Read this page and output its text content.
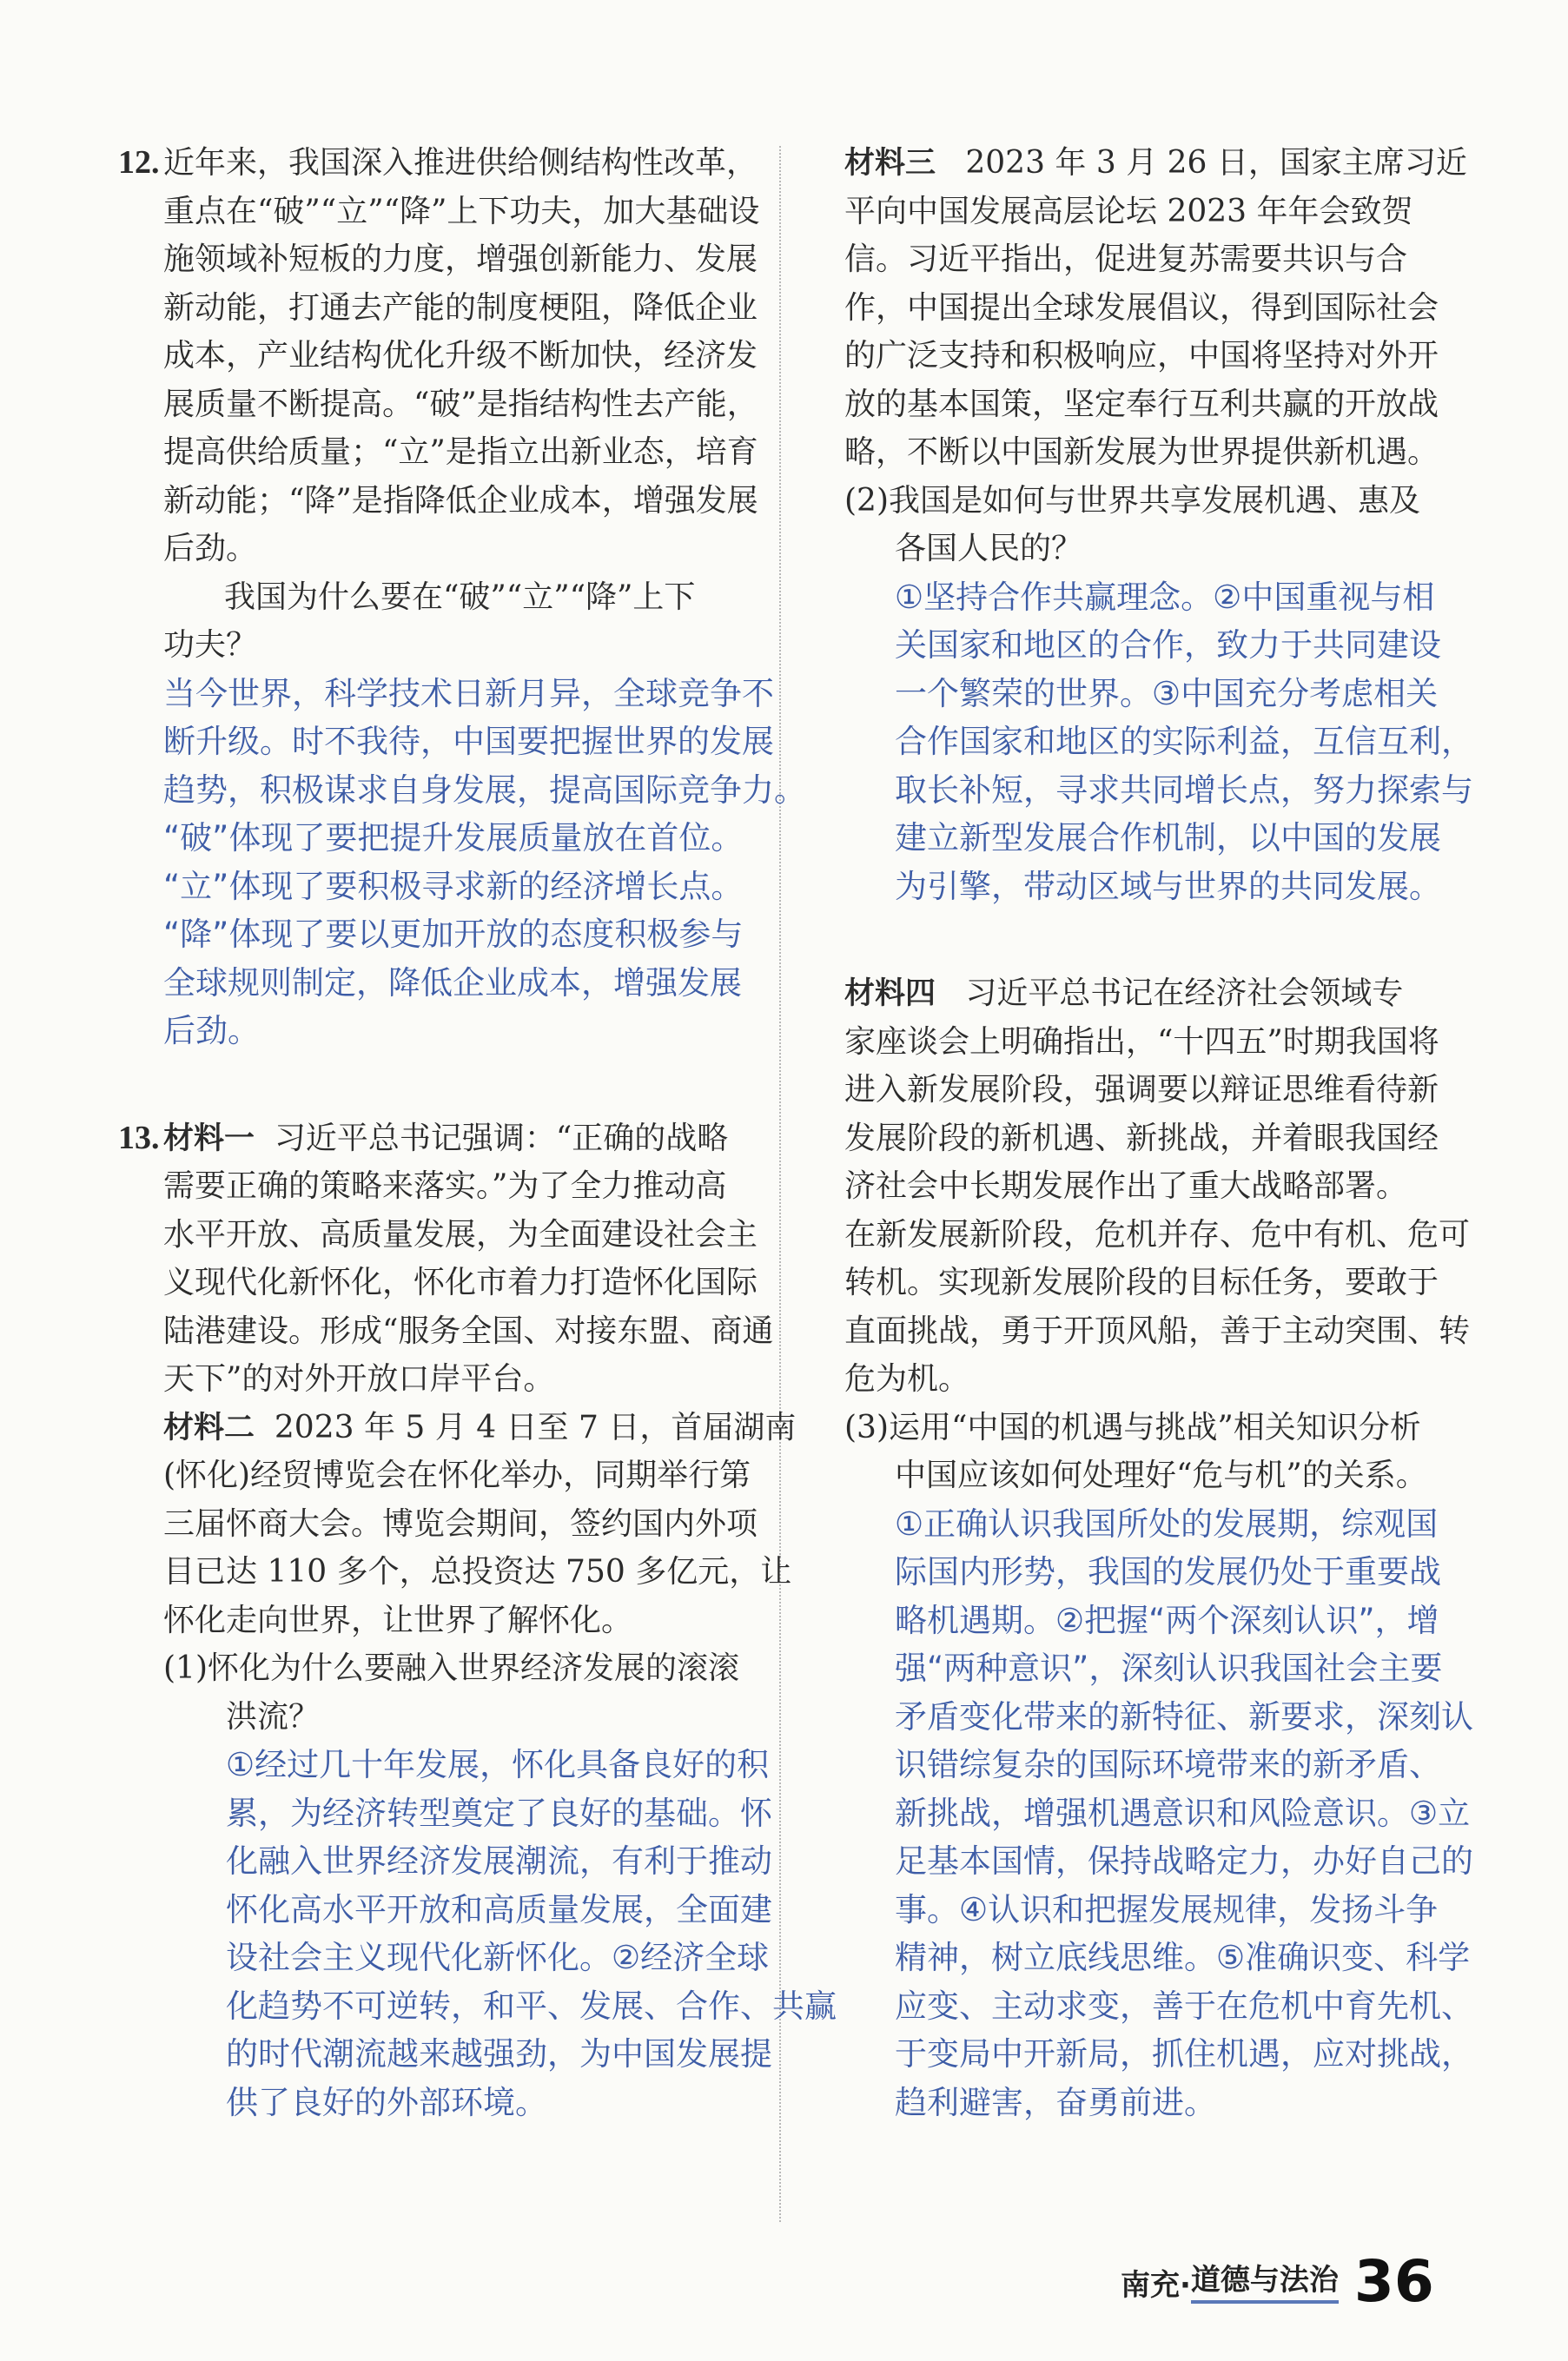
12. 近年来，我国深入推进供给侧结构性改革，
重点在“破”“立”“降”上下功夫，加大基础设
施领域补短板的力度，增强创新能力、发展
新动能，打通去产能的制度梗阻，降低企业
成本，产业结构优化升级不断加快，经济发
展质量不断提高。“破”是指结构性去产能，
提高供给质量；“立”是指立出新业态，培育
新动能；“降”是指降低企业成本，增强发展
后劲。
我国为什么要在“破”“立”“降”上下
功夫？
当今世界，科学技术日新月异，全球竞争不
断升级。时不我待，中国要把握世界的发展
趋势，积极谋求自身发展，提高国际竞争力。
“破”体现了要把提升发展质量放在首位。
“立”体现了要积极寻求新的经济增长点。
“降”体现了要以更加开放的态度积极参与
全球规则制定，降低企业成本，增强发展
后劲。
13. 材料一 习近平总书记强调：“正确的战略
需要正确的策略来落实。”为了全力推动高
水平开放、高质量发展，为全面建设社会主
义现代化新怀化，怀化市着力打造怀化国际
陆港建设。形成“服务全国、对接东盟、商通
天下”的对外开放口岸平台。
材料二 2023 年 5 月 4 日至 7 日，首届湖南
(怀化)经贸博览会在怀化举办，同期举行第
三届怀商大会。博览会期间，签约国内外项
目已达 110 多个，总投资达 750 多亿元，让
怀化走向世界，让世界了解怀化。
(1)怀化为什么要融入世界经济发展的滚滚
洪流？
①经过几十年发展，怀化具备良好的积
累，为经济转型奠定了良好的基础。怀
化融入世界经济发展潮流，有利于推动
怀化高水平开放和高质量发展，全面建
设社会主义现代化新怀化。②经济全球
化趋势不可逆转，和平、发展、合作、共赢
的时代潮流越来越强劲，为中国发展提
供了良好的外部环境。
材料三 2023 年 3 月 26 日，国家主席习近
平向中国发展高层论坛 2023 年年会致贺
信。习近平指出，促进复苏需要共识与合
作，中国提出全球发展倡议，得到国际社会
的广泛支持和积极响应，中国将坚持对外开
放的基本国策，坚定奉行互利共赢的开放战
略，不断以中国新发展为世界提供新机遇。
(2)我国是如何与世界共享发展机遇、惠及
各国人民的？
①坚持合作共赢理念。②中国重视与相
关国家和地区的合作，致力于共同建设
一个繁荣的世界。③中国充分考虑相关
合作国家和地区的实际利益，互信互利，
取长补短，寻求共同增长点，努力探索与
建立新型发展合作机制，以中国的发展
为引擎，带动区域与世界的共同发展。
材料四 习近平总书记在经济社会领域专
家座谈会上明确指出，“十四五”时期我国将
进入新发展阶段，强调要以辩证思维看待新
发展阶段的新机遇、新挑战，并着眼我国经
济社会中长期发展作出了重大战略部署。
在新发展新阶段，危机并存、危中有机、危可
转机。实现新发展阶段的目标任务，要敢于
直面挑战，勇于开顶风船，善于主动突围、转
危为机。
(3)运用“中国的机遇与挑战”相关知识分析
中国应该如何处理好“危与机”的关系。
①正确认识我国所处的发展期，综观国
际国内形势，我国的发展仍处于重要战
略机遇期。②把握“两个深刻认识”，增
强“两种意识”，深刻认识我国社会主要
矛盾变化带来的新特征、新要求，深刻认
识错综复杂的国际环境带来的新矛盾、
新挑战，增强机遇意识和风险意识。③立
足基本国情，保持战略定力，办好自己的
事。④认识和把握发展规律，发扬斗争
精神，树立底线思维。⑤准确识变、科学
应变、主动求变，善于在危机中育先机、
于变局中开新局，抓住机遇，应对挑战，
趋利避害，奋勇前进。
南充· 道德与法治 36
